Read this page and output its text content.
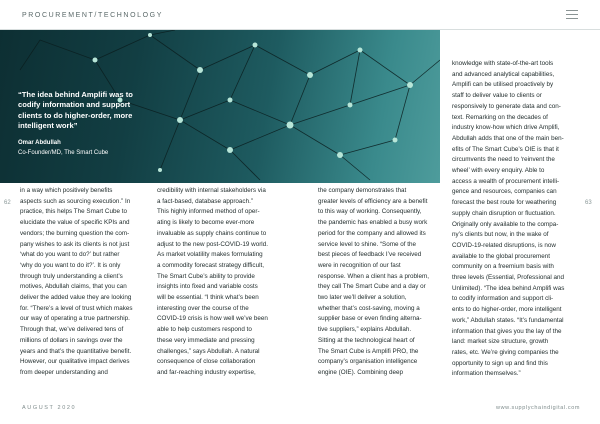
PROCUREMENT/TECHNOLOGY
“The idea behind Amplifi was to codify information and support clients to do higher-order, more intelligent work”
Omar Abdullah
Co-Founder/MD, The Smart Cube
62	63

in a way which positively benefits
aspects such as sourcing execution.” In
practice, this helps The Smart Cube to
elucidate the value of specific KPIs and
vendors; the burning question the com-
pany wishes to ask its clients is not just
‘what do you want to do?’ but rather
‘why do you want to do it?’. It is only
through truly understanding a client’s
motives, Abdullah claims, that you can
deliver the added value they are looking
for. “There’s a level of trust which makes
our way of operating a true partnership.
Through that, we’ve delivered tens of
millions of dollars in savings over the
years and that’s the quantitative benefit.
However, our qualitative impact derives
from deeper understanding and

credibility with internal stakeholders via
a fact-based, database approach.”
This highly informed method of oper-
ating is likely to become ever-more
invaluable as supply chains continue to
adjust to the new post-COVID-19 world.
As market volatility makes formulating
a commodity forecast strategy difficult,
The Smart Cube’s ability to provide
insights into fixed and variable costs
will be essential. “I think what’s been
interesting over the course of the
COVID-19 crisis is how well we’ve been
able to help customers respond to
these very immediate and pressing
challenges,” says Abdullah. A natural
consequence of close collaboration
and far-reaching industry expertise,

the company demonstrates that
greater levels of efficiency are a benefit
to this way of working. Consequently,
the pandemic has enabled a busy work
period for the company and allowed its
service level to shine. “Some of the
best pieces of feedback I’ve received
were in recognition of our fast
response. When a client has a problem,
they call The Smart Cube and a day or
two later we’ll deliver a solution,
whether that’s cost-saving, moving a
supplier base or even finding alterna-
tive suppliers,” explains Abdullah.
Sitting at the technological heart of
The Smart Cube is Amplifi PRO, the
company’s organisation intelligence
engine (OIE). Combining deep

knowledge with state-of-the-art tools
and advanced analytical capabilities,
Amplifi can be utilised proactively by
staff to deliver value to clients or
responsively to generate data and con-
text. Remarking on the decades of
industry know-how which drive Amplifi,
Abdullah adds that one of the main ben-
efits of The Smart Cube’s OIE is that it
circumvents the need to ‘reinvent the
wheel’ with every enquiry. Able to
access a wealth of procurement intelli-
gence and resources, companies can
forecast the best route for weathering
supply chain disruption or fluctuation.
Originally only available to the compa-
ny’s clients but now, in the wake of
COVID-19-related disruptions, is now
available to the global procurement
community on a freemium basis with
three levels (Essential, Professional and
Unlimited). “The idea behind Amplifi was
to codify information and support cli-
ents to do higher-order, more intelligent
work,” Abdullah states. “It’s fundamental
information that gives you the lay of the
land: market size structure, growth
rates, etc. We’re giving companies the
opportunity to sign up and find this
information themselves.”

AUGUST 2020	www.supplychaindigital.com
